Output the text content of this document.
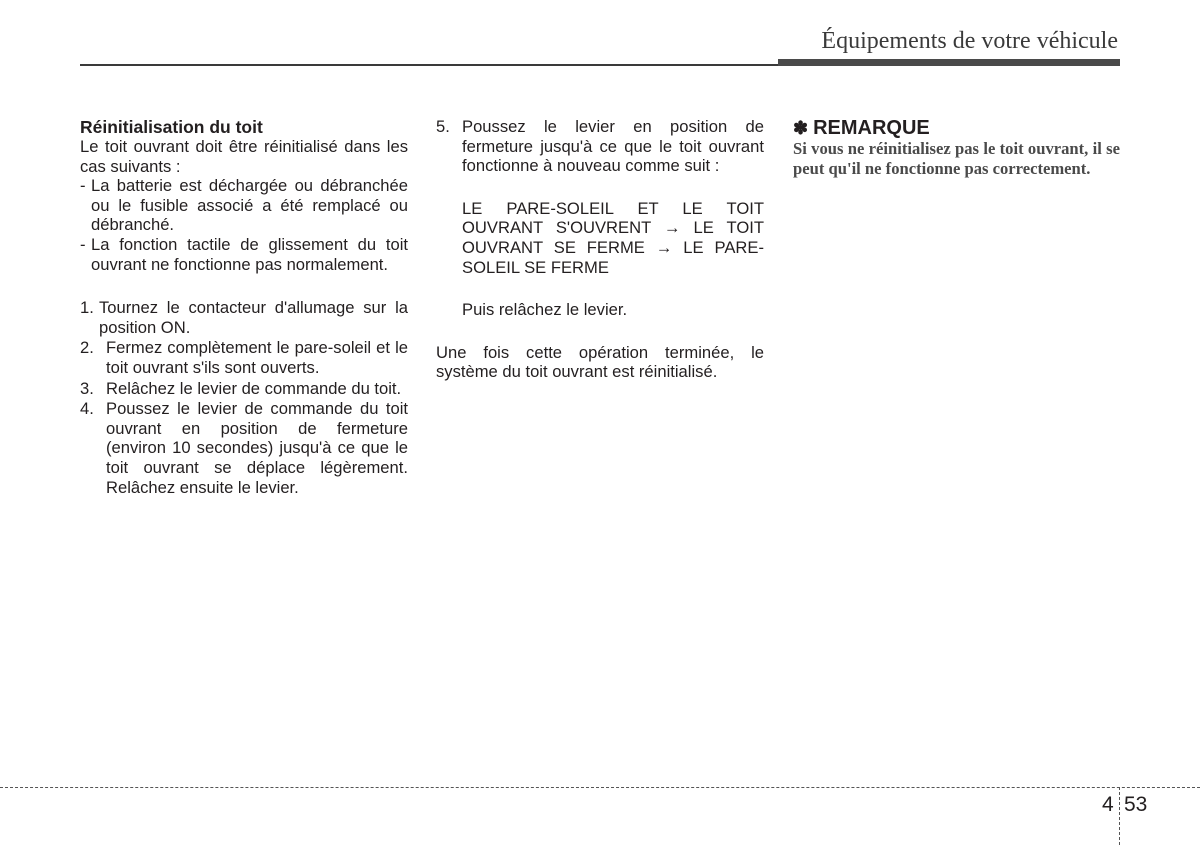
Équipements de votre véhicule
Réinitialisation du toit

Le toit ouvrant doit être réinitialisé dans les cas suivants :

- La batterie est déchargée ou débranchée ou le fusible associé a été remplacé ou débranché.
- La fonction tactile de glissement du toit ouvrant ne fonctionne pas normalement.
1. Tournez le contacteur d'allumage sur la position ON.
2. Fermez complètement le pare-soleil et le toit ouvrant s'ils sont ouverts.
3. Relâchez le levier de commande du toit.
4. Poussez le levier de commande du toit ouvrant en position de fermeture (environ 10 secondes) jusqu'à ce que le toit ouvrant se déplace légèrement. Relâchez ensuite le levier.
5. Poussez le levier en position de fermeture jusqu'à ce que le toit ouvrant fonctionne à nouveau comme suit :

LE PARE-SOLEIL ET LE TOIT OUVRANT S'OUVRENT → LE TOIT OUVRANT SE FERME → LE PARE-SOLEIL SE FERME

Puis relâchez le levier.

Une fois cette opération terminée, le système du toit ouvrant est réinitialisé.

✽ REMARQUE

Si vous ne réinitialisez pas le toit ouvrant, il se peut qu'il ne fonctionne pas correctement.

4 53
